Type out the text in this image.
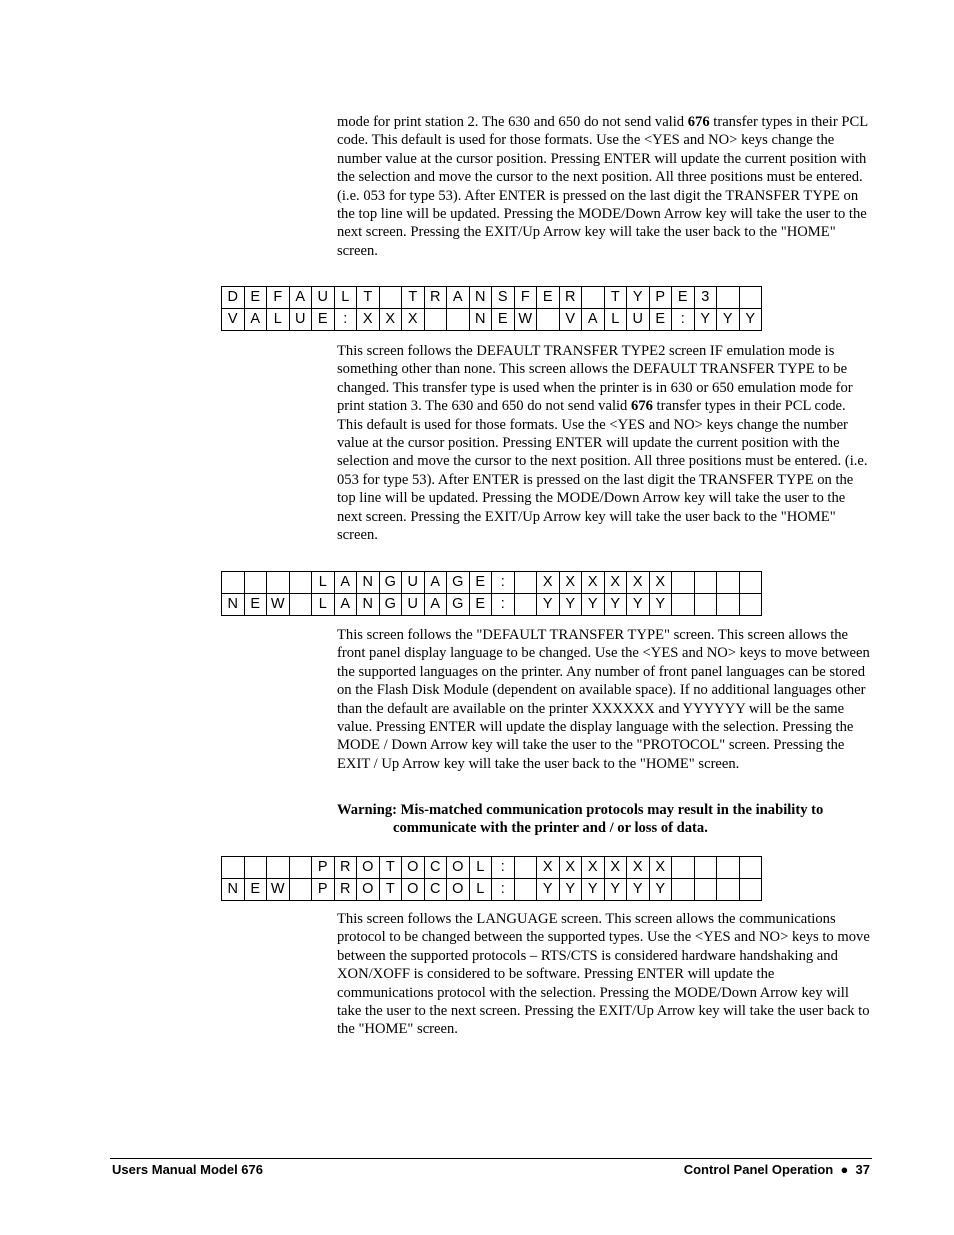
mode for print station 2. The 630 and 650 do not send valid 676 transfer types in their PCL code. This default is used for those formats. Use the <YES and NO> keys change the number value at the cursor position. Pressing ENTER will update the current position with the selection and move the cursor to the next position. All three positions must be entered. (i.e. 053 for type 53). After ENTER is pressed on the last digit the TRANSFER TYPE on the top line will be updated. Pressing the MODE/Down Arrow key will take the user to the next screen. Pressing the EXIT/Up Arrow key will take the user back to the "HOME" screen.

D	E	F	A	U	L	T		T	R	A	N	S	F	E	R		T	Y	P	E	3		
V	A	L	U	E	:	X	X	X			N	E	W		V	A	L	U	E	:	Y	Y	Y

This screen follows the DEFAULT TRANSFER TYPE2 screen IF emulation mode is something other than none. This screen allows the DEFAULT TRANSFER TYPE to be changed. This transfer type is used when the printer is in 630 or 650 emulation mode for print station 3. The 630 and 650 do not send valid 676 transfer types in their PCL code. This default is used for those formats. Use the <YES and NO> keys change the number value at the cursor position. Pressing ENTER will update the current position with the selection and move the cursor to the next position. All three positions must be entered. (i.e. 053 for type 53). After ENTER is pressed on the last digit the TRANSFER TYPE on the top line will be updated. Pressing the MODE/Down Arrow key will take the user to the next screen. Pressing the EXIT/Up Arrow key will take the user back to the "HOME" screen.

				L	A	N	G	U	A	G	E	:		X	X	X	X	X	X				
N	E	W		L	A	N	G	U	A	G	E	:		Y	Y	Y	Y	Y	Y				

This screen follows the "DEFAULT TRANSFER TYPE" screen. This screen allows the front panel display language to be changed. Use the <YES and NO> keys to move between the supported languages on the printer. Any number of front panel languages can be stored on the Flash Disk Module (dependent on available space). If no additional languages other than the default are available on the printer XXXXXX and YYYYYY will be the same value. Pressing ENTER will update the display language with the selection. Pressing the MODE / Down Arrow key will take the user to the "PROTOCOL" screen. Pressing the EXIT / Up Arrow key will take the user back to the "HOME" screen.

Warning: Mis-matched communication protocols may result in the inability to
communicate with the printer and / or loss of data.
				P	R	O	T	O	C	O	L	:		X	X	X	X	X	X				
N	E	W		P	R	O	T	O	C	O	L	:		Y	Y	Y	Y	Y	Y				

This screen follows the LANGUAGE screen. This screen allows the communications protocol to be changed between the supported types. Use the <YES and NO> keys to move between the supported protocols – RTS/CTS is considered hardware handshaking and XON/XOFF is considered to be software. Pressing ENTER will update the communications protocol with the selection. Pressing the MODE/Down Arrow key will take the user to the next screen. Pressing the EXIT/Up Arrow key will take the user back to the "HOME" screen.

Users Manual Model 676	Control Panel Operation  ●  37
